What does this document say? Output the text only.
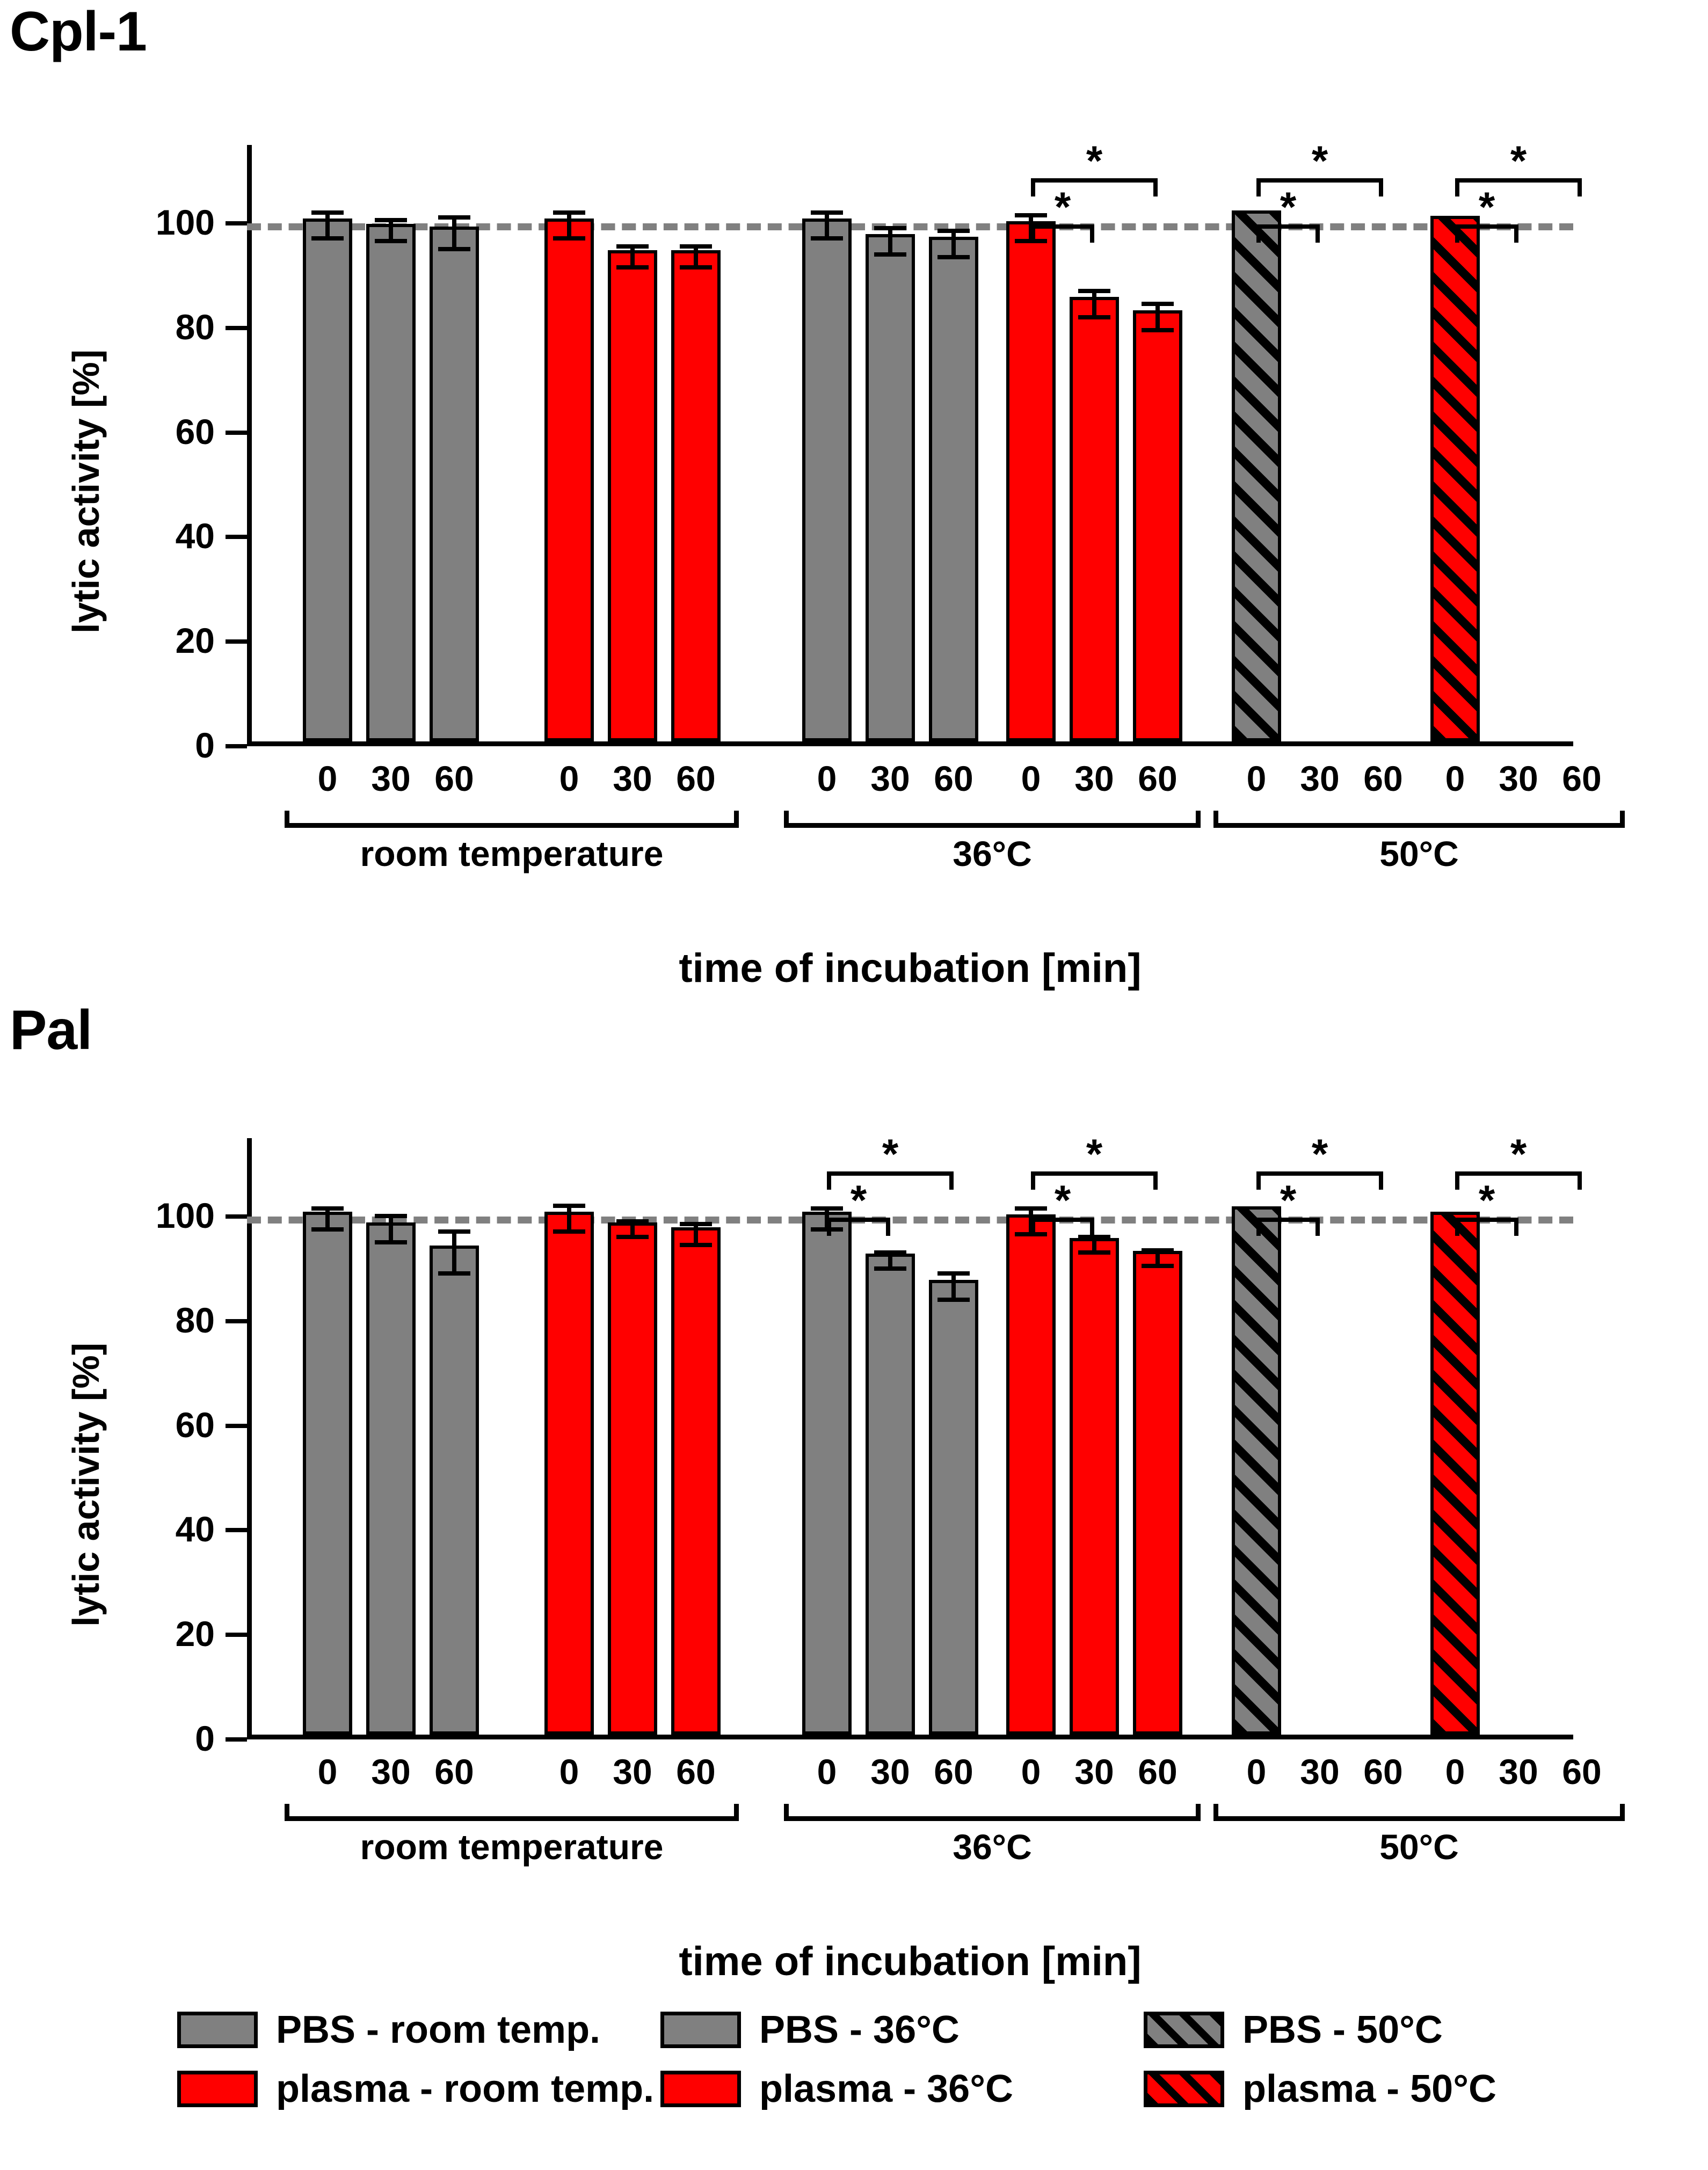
Cpl-1
lytic activity [%]
0
20
40
60
80
100
0 30 60	0 30 60	0 30 60	0 30 60	0 30 60	0 30 60
room temperature	36°C	50°C
*
*
*
*
*
*
time of incubation [min]
Pal
lytic activity [%]
0
20
40
60
80
100
0 30 60	0 30 60	0 30 60	0 30 60	0 30 60	0 30 60
room temperature	36°C	50°C
*
*
*
*
*
*
*
*
time of incubation [min]
PBS - room temp.	PBS - 36°C	PBS - 50°C
plasma - room temp.	plasma - 36°C	plasma - 50°C
